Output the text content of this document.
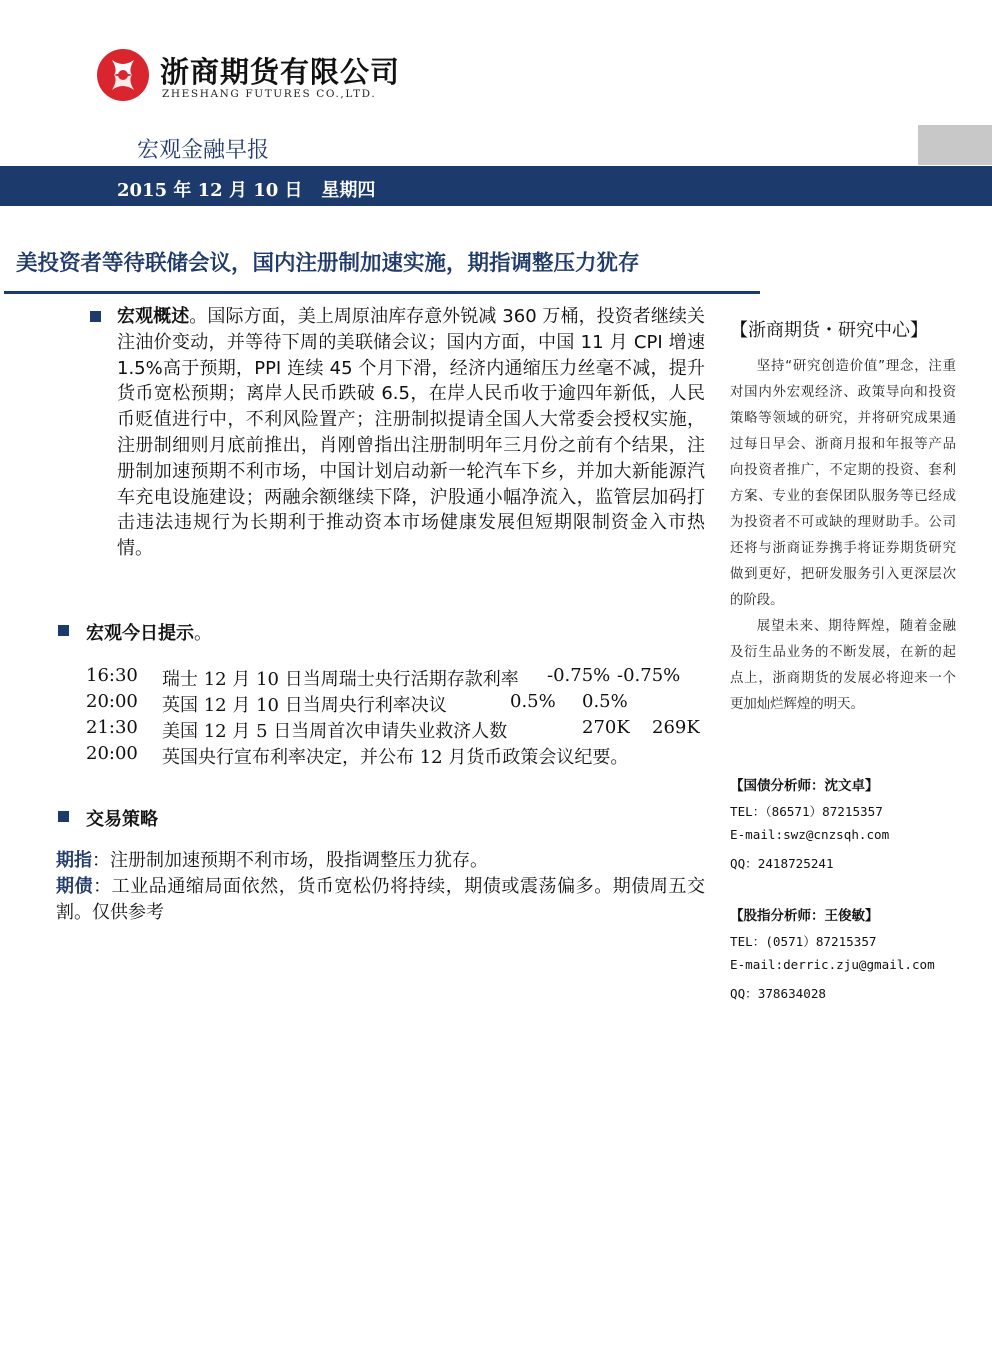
浙商期货有限公司
ZHESHANG FUTURES CO.,LTD.
宏观金融早报
2015 年 12 月 10 日 星期四
美投资者等待联储会议，国内注册制加速实施，期指调整压力犹存
宏观概述。国际方面，美上周原油库存意外锐减 360 万桶，投资者继续关注油价变动，并等待下周的美联储会议；国内方面，中国 11 月 CPI 增速 1.5%高于预期，PPI 连续 45 个月下滑，经济内通缩压力丝毫不减，提升货币宽松预期；离岸人民币跌破 6.5，在岸人民币收于逾四年新低，人民币贬值进行中，不利风险置产；注册制拟提请全国人大常委会授权实施，注册制细则月底前推出，肖刚曾指出注册制明年三月份之前有个结果，注册制加速预期不利市场，中国计划启动新一轮汽车下乡，并加大新能源汽车充电设施建设；两融余额继续下降，沪股通小幅净流入，监管层加码打击违法违规行为长期利于推动资本市场健康发展但短期限制资金入市热情。
宏观今日提示。
16:30 瑞士 12 月 10 日当周瑞士央行活期存款利率 -0.75% -0.75%
20:00 英国 12 月 10 日当周央行利率决议	0.5% 0.5%
21:30 美国 12 月 5 日当周首次申请失业救济人数	270K 269K
20:00 英国央行宣布利率决定，并公布 12 月货币政策会议纪要。
交易策略
期指：注册制加速预期不利市场，股指调整压力犹存。
期债：工业品通缩局面依然，货币宽松仍将持续，期债或震荡偏多。期债周五交割。仅供参考
【浙商期货・研究中心】

坚持“研究创造价值”理念，注重对国内外宏观经济、政策导向和投资策略等领域的研究，并将研究成果通过每日早会、浙商月报和年报等产品向投资者推广，不定期的投资、套利方案、专业的套保团队服务等已经成为投资者不可或缺的理财助手。公司还将与浙商证券携手将证券期货研究做到更好，把研发服务引入更深层次的阶段。

展望未来、期待辉煌，随着金融及衍生品业务的不断发展，在新的起点上，浙商期货的发展必将迎来一个更加灿烂辉煌的明天。

【国债分析师：沈文卓】
TEL：（86571）87215357
E-mail:swz@cnzsqh.com
QQ：2418725241
【股指分析师：王俊敏】
TEL：(0571）87215357
E-mail:derric.zju@gmail.com
QQ：378634028
